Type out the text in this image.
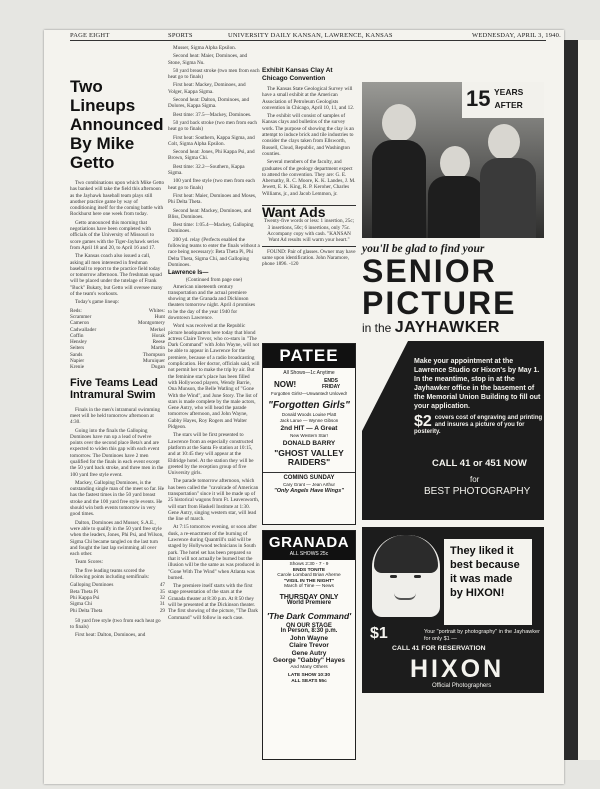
PAGE EIGHT	SPORTS	UNIVERSITY DAILY KANSAN, LAWRENCE, KANSAS	WEDNESDAY, APRIL 3, 1940.
Two Lineups Announced By Mike Getto

Two combinations upon which Mike Getto has banked will take the field this afternoon as the Jayhawk baseball team plays still another practice game by way of conditioning itself for the coming battle with Rockhurst here one week from today.

Getto announced this morning that negotiations have been completed with officials of the University of Missouri to score games with the Tiger-Jayhawk series from April 18 and 20, to April 16 and 17.

The Kansas coach also issued a call, asking all men interested in freshman baseball to report to the practice field today or tomorrow afternoon. The freshman squad will be placed under the tutelage of Frank "Buck" Bukaty, but Getto will oversee many of the team's workouts.

Today's game lineup:

Reds:	Whites:
Scrammer	Hunt
Cameron	Montgomery
Cadwallader	Merkel
Coffin	Horak
Hensley	Reese
Seiters	Martin
Sands	Thompson
Napier	Muruiquer
Krenie	Dugan
Five Teams Lead Intramural Swim

Finals in the men's intramural swimming meet will be held tomorrow afternoon at 4:30.

Going into the finals the Galloping Dominoes have run up a lead of twelve points over the second place Beta's and are expected to widen this gap with each event tomorrow. The Dominoes have 2 men qualified for the finals in each event except the 50 yard back stroke, and three men in the 100 yard free style event.

Mackey, Galloping Dominoes, is the outstanding single man of the meet so far. He has the fastest times in the 50 yard breast stroke and the 100 yard free style events. He should win both events tomorrow in very good times.

Dalton, Dominoes and Musser, S.A.E., were able to qualify in the 50 yard free style when the leaders, Jones, Phi Psi, and Wilson, Sigma Chi became tangled on the last turn and fought the last lap swimming all over each other.

Team Scores:

The five leading teams scored the following points including semifinals:

Galloping Dominoes	47
Beta Theta Pi	35
Phi Kappa Psi	32
Sigma Chi	31
Phi Delta Theta	29

50 yard free style (two from each heat go to finals)

First heat: Dalton, Dominoes, and

Musser, Sigma Alpha Epsilon.

Second heat: Maier, Dominoes, and Stone, Sigma Nu.

50 yard breast stroke (two men from each heat go to finals)

First heat: Mackey, Dominoes, and Volger, Kappa Sigma.

Second heat: Dalton, Dominoes, and Dolores, Kappa Sigma.

Best time: 37.5—Mackey, Dominoes.

50 yard back stroke (two men from each heat go to finals)

First heat: Southern, Kappa Sigma, and Colt, Sigma Alpha Epsilon.

Second heat: Jones, Phi Kappa Psi, and Brown, Sigma Chi.

Best time: 32.2—Southern, Kappa Sigma.

100 yard free style (two men from each heat go to finals)

First heat: Maier, Dominoes and Moses, Phi Delta Theta.

Second heat: Mackey, Dominoes, and Bliss, Dominoes.

Best time: 1:05.4—Mackey, Galloping Dominoes.

200 yd. relay (Perfects enabled the following teams to enter the finals without a race being necessary): Beta Theta Pi, Phi Delta Theta, Sigma Chi, and Galloping Dominoes.

Lawrence Is—
(Continued from page one)

American nineteenth century transportation and the actual premiere showing at the Granada and Dickinson theaters tomorrow night. April 4 promises to be the day of the year 1940 for downtown Lawrence.

Word was received at the Republic picture headquarters here today that blond actress Claire Trevor, who co-stars in "The Dark Command" with John Wayne, will not be able to appear in Lawrence for the premiere, because of a radio broadcasting complication. Her doctor, officials said, will not permit her to make the trip by air. But the feminine star's place has been filled with Hollywood players, Wendy Barrie, Ona Munson, the Belle Watling of "Gone With the Wind", and June Story. The list of stars is made complete by the male actors, Gene Autry, who will head the parade tomorrow afternoon, and John Wayne, Gabby Hayes, Roy Rogers and Walter Pidgeon.

The stars will be first presented to Lawrence from an especially constructed platform at the Santa Fe station at 10:15, and at 10:45 they will appear at the Eldridge hotel. At the station they will be greeted by the reception group of five University girls.

The parade tomorrow afternoon, which has been called the "cavalcade of American transportation" since it will be made up of 25 historical wagons from Ft. Leavenworth, will start from Haskell Institute at 1:30. Gene Autry, singing western star, will lead the line of march.

At 7:15 tomorrow evening, or soon after dusk, a re-enactment of the burning of Lawrence during Quantrill's raid will be staged by Hollywood technicians in South park. The hotel set has been prepared so that it will not actually be burned but the illusion will be the same as was produced in "Gone With The Wind" when Atlanta was burned.

The premiere itself starts with the first stage presentation of the stars at the Granada theater at 8:30 p.m. At 8:50 they will be presented at the Dickinson theater. The first showing of the picture, "The Dark Command" will follow in each case.

Exhibit Kansas Clay At Chicago Convention

The Kansas State Geological Survey will have a small exhibit at the American Association of Petroleum Geologists convention in Chicago, April 10, 11, and 12.

The exhibit will consist of samples of Kansas clays and bulletins of the survey work. The purpose of showing the clay is an attempt to induce brick and tile industries to consider the clays taken from Ellsworth, Russell, Cloud, Republic, and Washington counties.

Several members of the faculty, and graduates of the geology department expect to attend the convention. They are: G. E. Abernathy, R. C. Moore, K. K. Landes, J. M. Jewett, E. K. King, R. P. Keroher, Charles Williams, jr., and Jacob Lemmon, jr.

Want Ads

Twenty-five words or less: 1 insertion, 25c; 3 insertions, 50c; 6 insertions, only 75c. Accompany copy with cash. "KANSAN Want Ad results will warm your heart."

FOUND: Pair of glasses. Owner may have same upon identification. John Naramore, phone 1896. -120

PATEE
All Shows—1c Anytime
NOW!	ENDS FRIDAY
Forgotten Girls!—Unwanted! Unloved!
"Forgotten Girls"
Donald Woods Louise Platt
Jack Larue — Wynne Gibson
2nd HIT — A Great
New Western Star!
DONALD BARRY
"GHOST VALLEY RAIDERS"
COMING SUNDAY
Cary Grant — Jean Arthur
"Only Angels Have Wings"
GRANADA
ALL SHOWS 25c
Shows 2:30 - 7 - 9
ENDS TONITE
Carole Lombard Brian Aherne
"VIGIL IN THE NIGHT"
March of Time — News
THURSDAY ONLY
World Premiere
'The Dark Command'
ON OUR STAGE
In Person, 8:30 p.m.
John Wayne
Claire Trevor
Gene Autry
George "Gabby" Hayes
And Many Others
LATE SHOW 10:30
ALL SEATS 55c
15 YEARS
AFTER
you'll be glad to find your
SENIOR
PICTURE
in the JAYHAWKER
Make your appointment at the Lawrence Studio or Hixon's by May 1. In the meantime, stop in at the Jayhawker office in the basement of the Memorial Union Building to fill out your application.
$2 covers cost of engraving and printing and insures a picture of you for posterity.
CALL 41 or 451 NOW
for
BEST PHOTOGRAPHY
They liked it best because it was made by HIXON!
$1	Your "portrait by photography" in the Jayhawker for only $1 —
CALL 41 FOR RESERVATION
HIXON
Official Photographers
